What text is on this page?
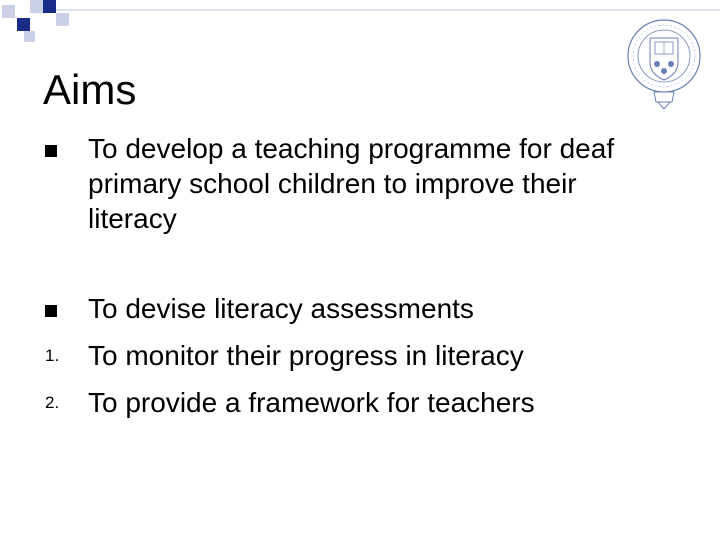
Aims
To develop a teaching programme for deaf
primary school children to improve their
literacy
To devise literacy assessments
1. To monitor their progress in literacy
2. To provide a framework for teachers
